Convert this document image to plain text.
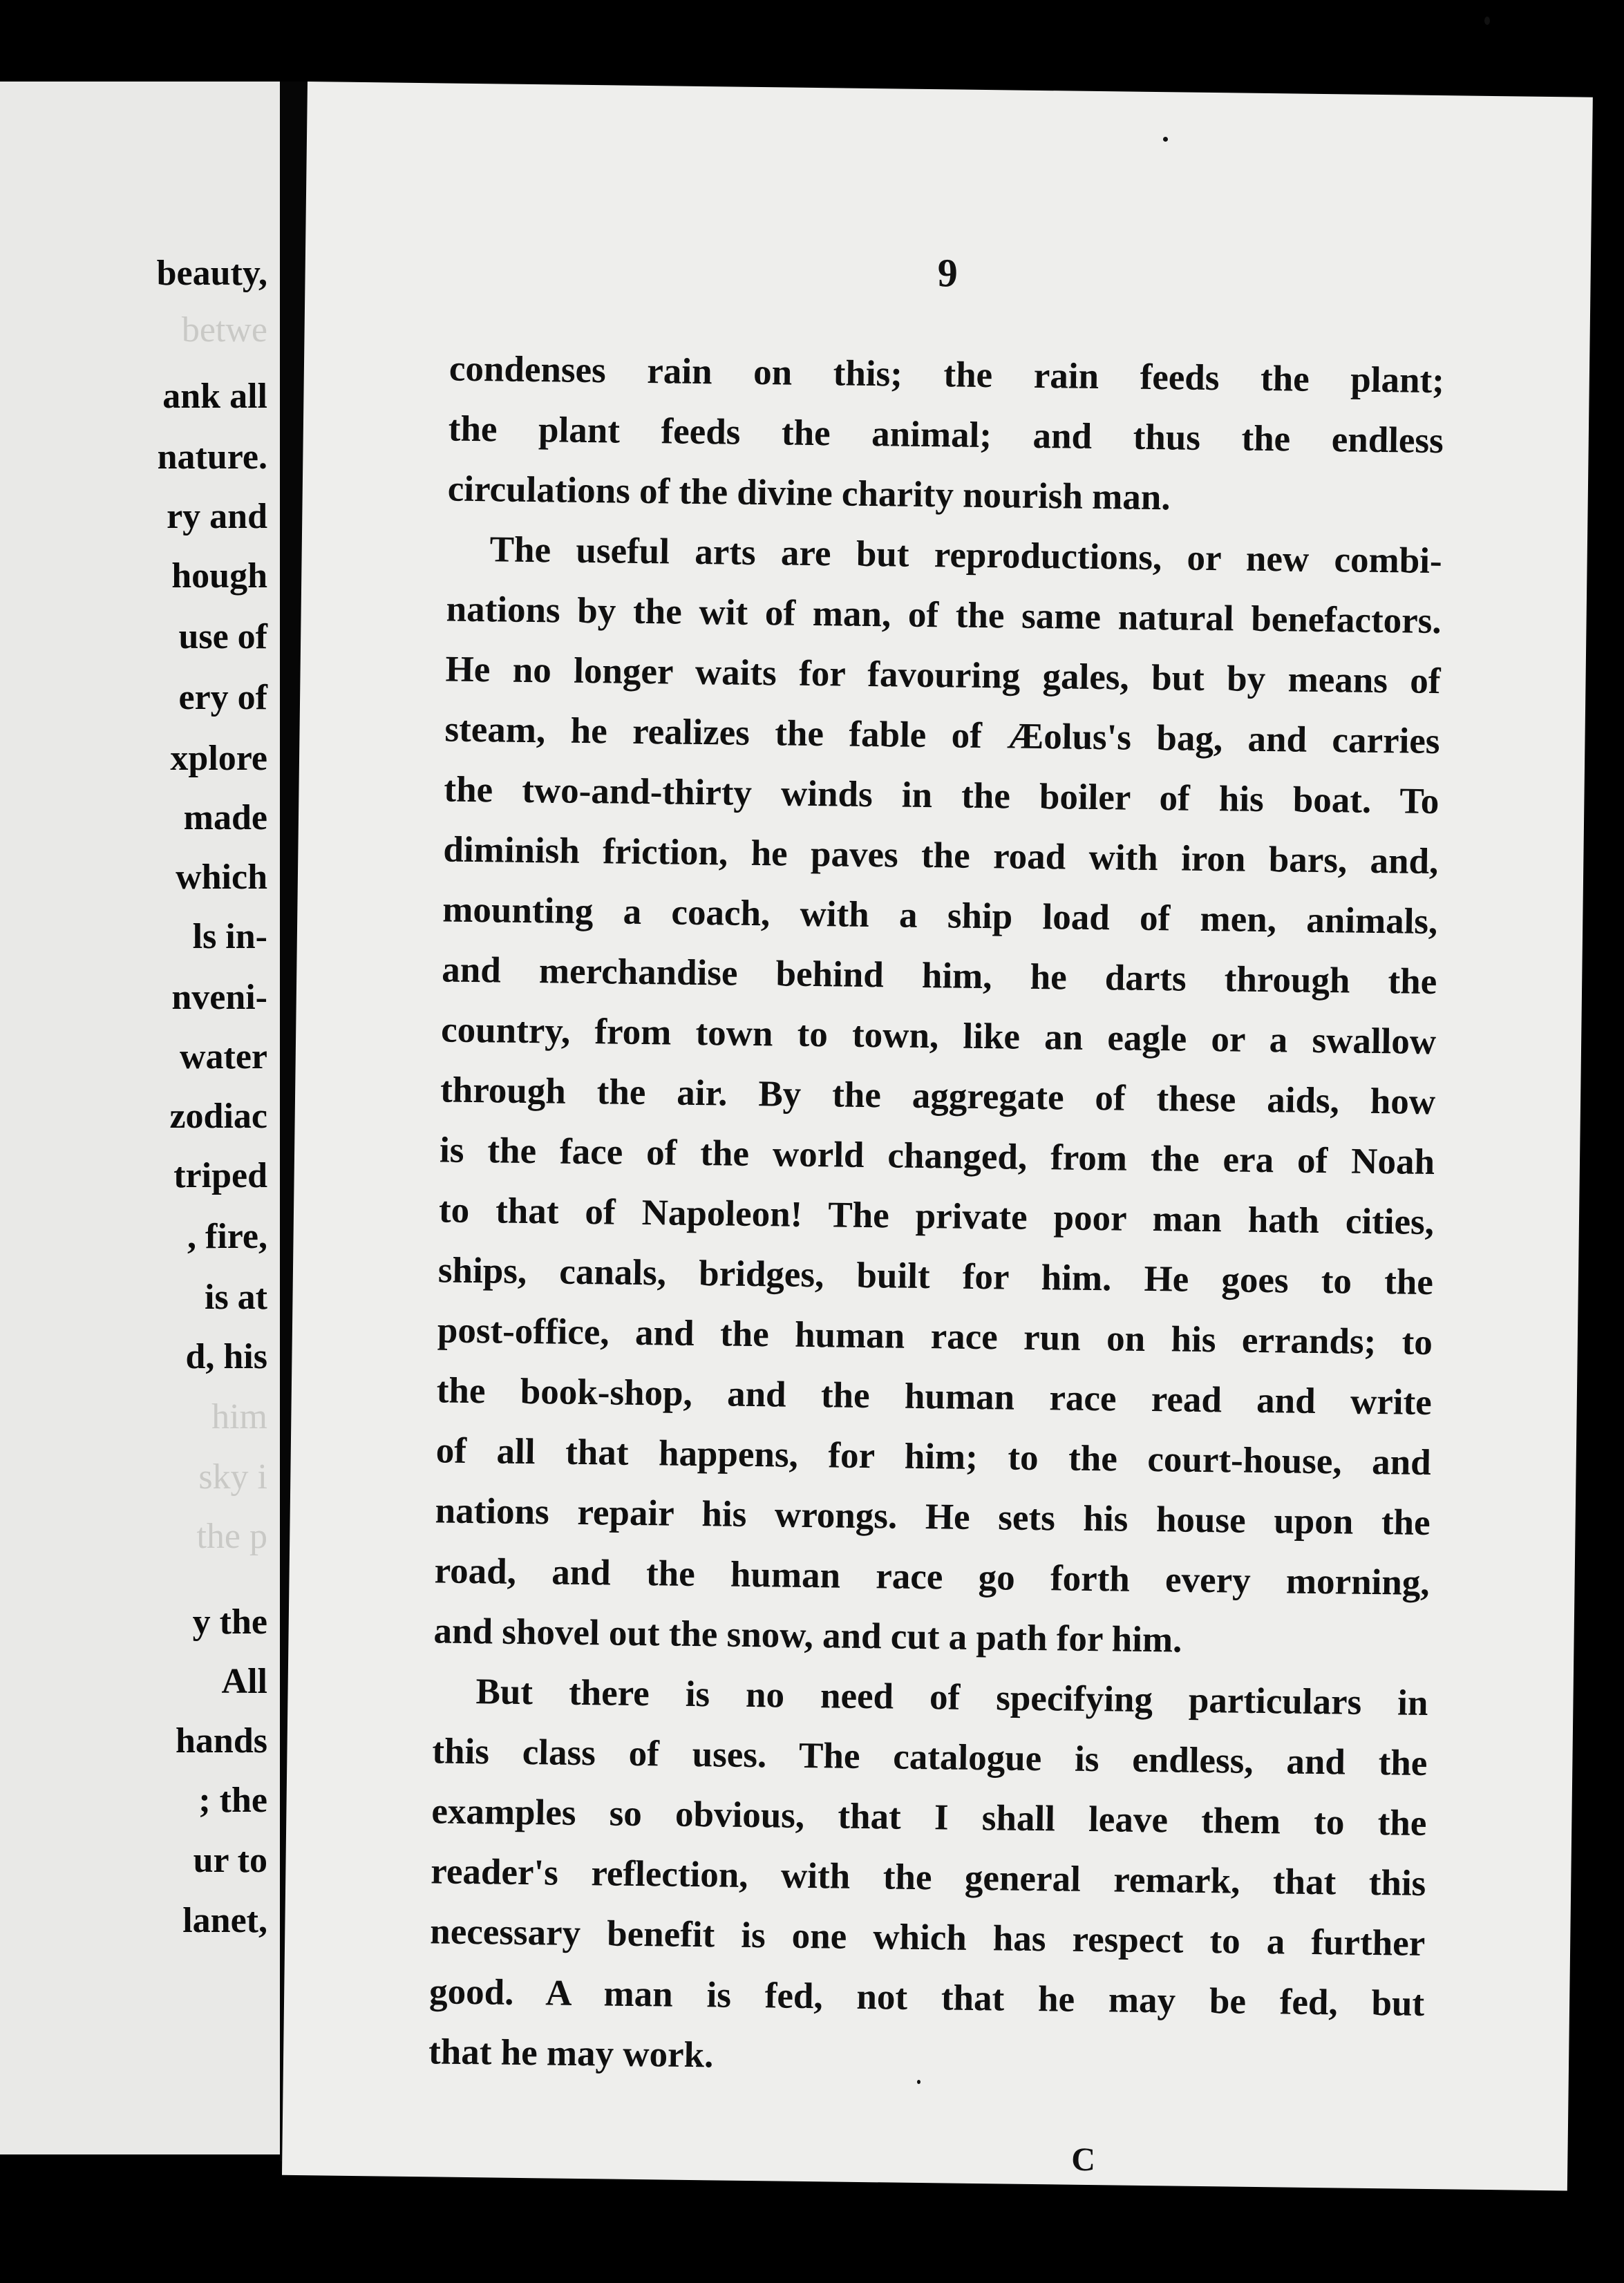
beauty,

betwe

ank all

nature.

ry and

hough

use of

ery of

xplore

made

which

ls in-

nveni-

water

zodiac

triped

, fire,

is at

d, his

him

sky i

the p

y the

All

hands

; the

ur to

lanet,

9

condenses rain on this; the rain feeds the plant;

the plant feeds the animal; and thus the endless

circulations of the divine charity nourish man.

The useful arts are but reproductions, or new combi-

nations by the wit of man, of the same natural benefactors.

He no longer waits for favouring gales, but by means of

steam, he realizes the fable of Æolus's bag, and carries

the two-and-thirty winds in the boiler of his boat. To

diminish friction, he paves the road with iron bars, and,

mounting a coach, with a ship load of men, animals,

and merchandise behind him, he darts through the

country, from town to town, like an eagle or a swallow

through the air. By the aggregate of these aids, how

is the face of the world changed, from the era of Noah

to that of Napoleon! The private poor man hath cities,

ships, canals, bridges, built for him. He goes to the

post-office, and the human race run on his errands; to

the book-shop, and the human race read and write

of all that happens, for him; to the court-house, and

nations repair his wrongs. He sets his house upon the

road, and the human race go forth every morning,

and shovel out the snow, and cut a path for him.

But there is no need of specifying particulars in

this class of uses. The catalogue is endless, and the

examples so obvious, that I shall leave them to the

reader's reflection, with the general remark, that this

necessary benefit is one which has respect to a further

good. A man is fed, not that he may be fed, but

that he may work.

C
